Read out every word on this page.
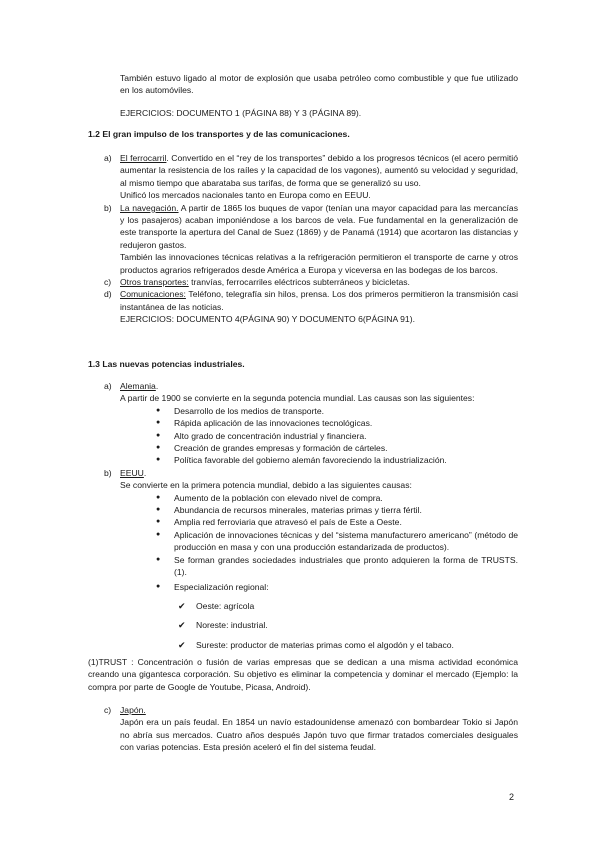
También estuvo ligado al motor de explosión que usaba petróleo como combustible y que fue utilizado en los automóviles.

EJERCICIOS: DOCUMENTO 1 (PÁGINA 88) Y 3 (PÁGINA 89).

1.2 El gran impulso de los transportes y de las comunicaciones.

a) El ferrocarril. Convertido en el “rey de los transportes” debido a los progresos técnicos (el acero permitió aumentar la resistencia de los raíles y la capacidad de los vagones), aumentó su velocidad y seguridad, al mismo tiempo que abarataba sus tarifas, de forma que se generalizó su uso.

Unificó los mercados nacionales tanto en Europa como en EEUU.

b) La navegación. A partir de 1865 los buques de vapor (tenían una mayor capacidad para las mercancías y los pasajeros) acaban imponiéndose a los barcos de vela. Fue fundamental en la generalización de este transporte la apertura del Canal de Suez (1869) y de Panamá (1914) que acortaron las distancias y redujeron gastos.

También las innovaciones técnicas relativas a la refrigeración permitieron el transporte de carne y otros productos agrarios refrigerados desde América a Europa y viceversa en las bodegas de los barcos.

c) Otros transportes: tranvías, ferrocarriles eléctricos subterráneos y bicicletas.

d) Comunicaciones: Teléfono, telegrafía sin hilos, prensa. Los dos primeros permitieron la transmisión casi instantánea de las noticias.

EJERCICIOS: DOCUMENTO 4(PÁGINA 90) Y DOCUMENTO 6(PÁGINA 91).

1.3 Las nuevas potencias industriales.

a) Alemania.

A partir de 1900 se convierte en la segunda potencia mundial. Las causas son las siguientes:

● Desarrollo de los medios de transporte.
● Rápida aplicación de las innovaciones tecnológicas.
● Alto grado de concentración industrial y financiera.
● Creación de grandes empresas y formación de cárteles.
● Política favorable del gobierno alemán favoreciendo la industrialización.
b) EEUU.

Se convierte en la primera potencia mundial, debido a las siguientes causas:

● Aumento de la población con elevado nivel de compra.
● Abundancia de recursos minerales, materias primas y tierra fértil.
● Amplia red ferroviaria que atravesó el país de Este a Oeste.
● Aplicación de innovaciones técnicas y del “sistema manufacturero americano” (método de producción en masa y con una producción estandarizada de productos).
● Se forman grandes sociedades industriales que pronto adquieren la forma de TRUSTS.(1).
● Especialización regional:
✔ Oeste: agrícola
✔ Noreste: industrial.
✔ Sureste: productor de materias primas como el algodón y el tabaco.

(1)TRUST : Concentración o fusión de varias empresas que se dedican a una misma actividad económica creando una gigantesca corporación. Su objetivo es eliminar la competencia y dominar el mercado (Ejemplo: la compra por parte de Google de Youtube, Picasa, Android).

c) Japón.

Japón era un país feudal. En 1854 un navío estadounidense amenazó con bombardear Tokio si Japón no abría sus mercados. Cuatro años después Japón tuvo que firmar tratados comerciales desiguales con varias potencias. Esta presión aceleró el fin del sistema feudal.

2
